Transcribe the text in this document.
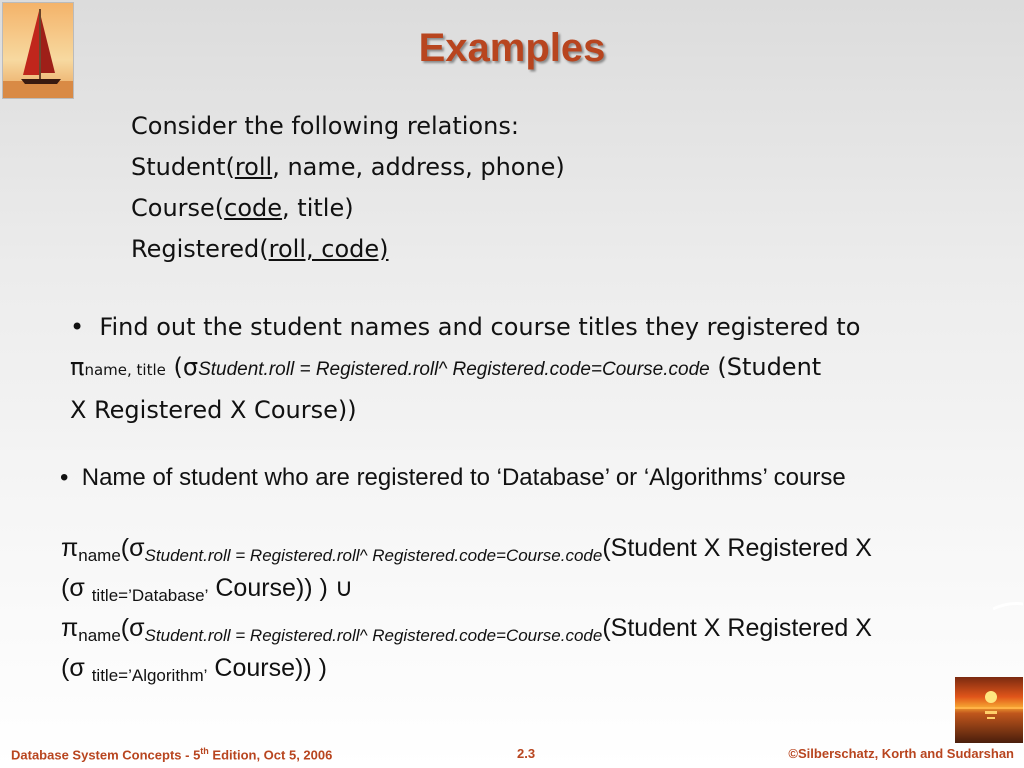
Examples
Consider the following relations:
Student(roll, name, address, phone)
Course(code, title)
Registered(roll, code)
• Find out the student names and course titles they registered to
πname, title (σStudent.roll = Registered.roll^ Registered.code=Course.code (Student
X Registered X Course))
• Name of student who are registered to ‘Database’ or ‘Algorithms’ course
$\pi_{name}(\sigma_{Student.roll = Registered.roll\^{} Registered.code=Course.code}(Student$ X Registered X
(σ $_{title=’Database’}$ Course)) ) ∪
$\pi_{name}(\sigma_{Student.roll = Registered.roll\^{} Registered.code=Course.code}(Student$ X Registered X
(σ $_{title=’Algorithm’}$ Course)) )
Database System Concepts - 5th Edition, Oct 5, 2006	2.3	©Silberschatz, Korth and Sudarshan
